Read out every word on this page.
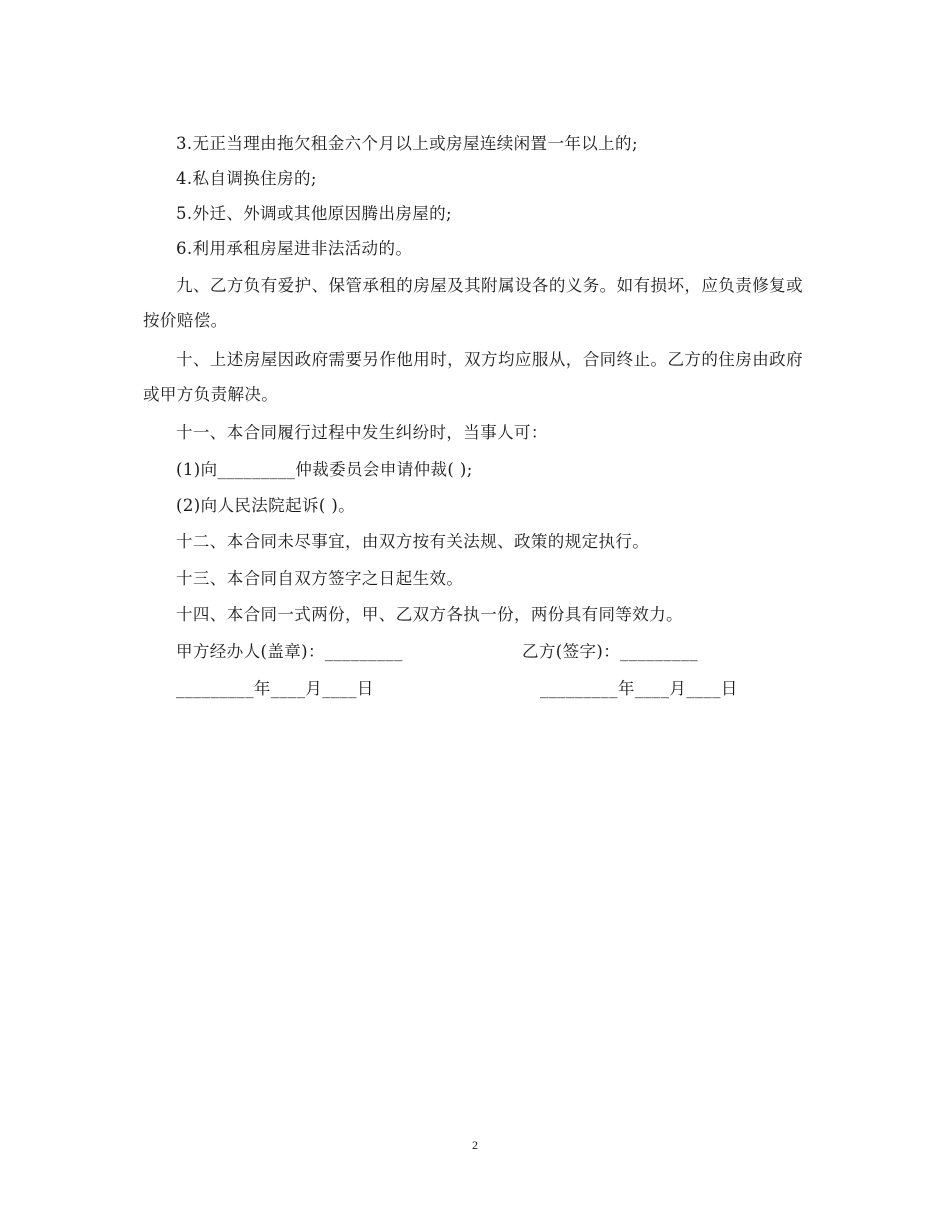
3.无正当理由拖欠租金六个月以上或房屋连续闲置一年以上的;
4.私自调换住房的;
5.外迁、外调或其他原因腾出房屋的;
6.利用承租房屋进非法活动的。
九、乙方负有爱护、保管承租的房屋及其附属设各的义务。如有损坏，应负责修复或按价赔偿。
十、上述房屋因政府需要另作他用时，双方均应服从，合同终止。乙方的住房由政府或甲方负责解决。
十一、本合同履行过程中发生纠纷时，当事人可：
(1)向_________仲裁委员会申请仲裁( );
(2)向人民法院起诉( )。
十二、本合同未尽事宜，由双方按有关法规、政策的规定执行。
十三、本合同自双方签字之日起生效。
十四、本合同一式两份，甲、乙双方各执一份，两份具有同等效力。
甲方经办人(盖章)：_________	乙方(签字)：_________
_________年____月____日	_________年____月____日
2
